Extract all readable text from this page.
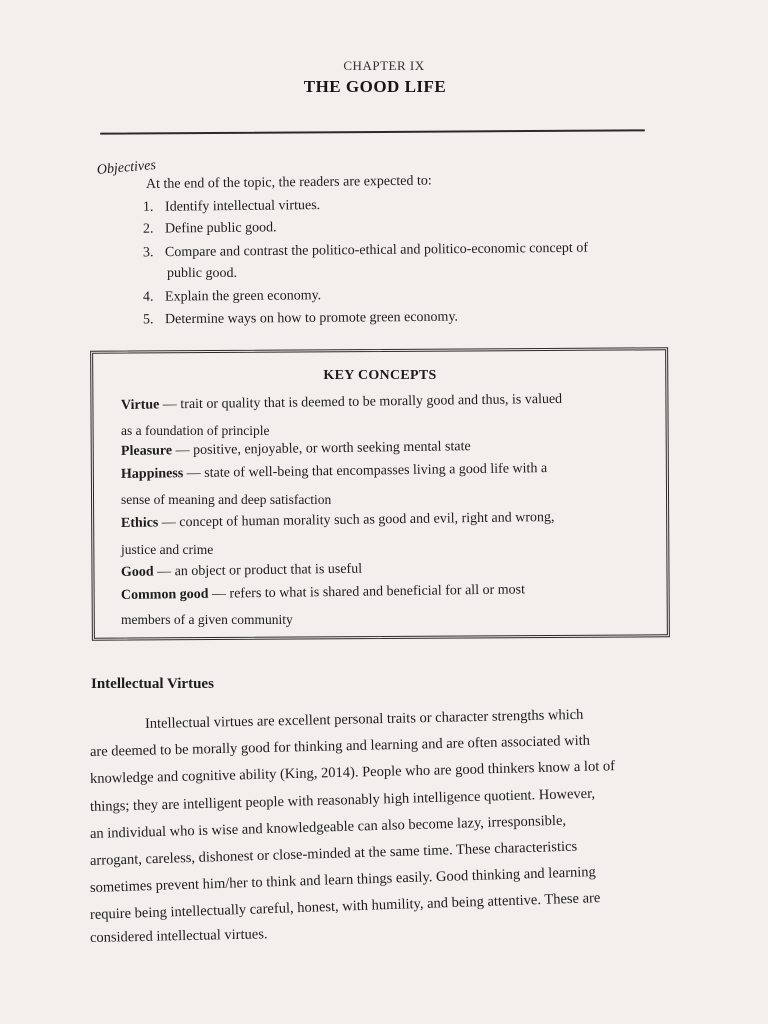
CHAPTER IX
THE GOOD LIFE
Objectives
At the end of the topic, the readers are expected to:
1. Identify intellectual virtues.
2. Define public good.
3. Compare and contrast the politico-ethical and politico-economic concept of
public good.
4. Explain the green economy.
5. Determine ways on how to promote green economy.
KEY CONCEPTS
Virtue — trait or quality that is deemed to be morally good and thus, is valued
as a foundation of principle
Pleasure — positive, enjoyable, or worth seeking mental state
Happiness — state of well-being that encompasses living a good life with a
sense of meaning and deep satisfaction
Ethics — concept of human morality such as good and evil, right and wrong,
justice and crime
Good — an object or product that is useful
Common good — refers to what is shared and beneficial for all or most
members of a given community
Intellectual Virtues
Intellectual virtues are excellent personal traits or character strengths which
are deemed to be morally good for thinking and learning and are often associated with
knowledge and cognitive ability (King, 2014). People who are good thinkers know a lot of
things; they are intelligent people with reasonably high intelligence quotient. However,
an individual who is wise and knowledgeable can also become lazy, irresponsible,
arrogant, careless, dishonest or close-minded at the same time. These characteristics
sometimes prevent him/her to think and learn things easily. Good thinking and learning
require being intellectually careful, honest, with humility, and being attentive. These are
considered intellectual virtues.
